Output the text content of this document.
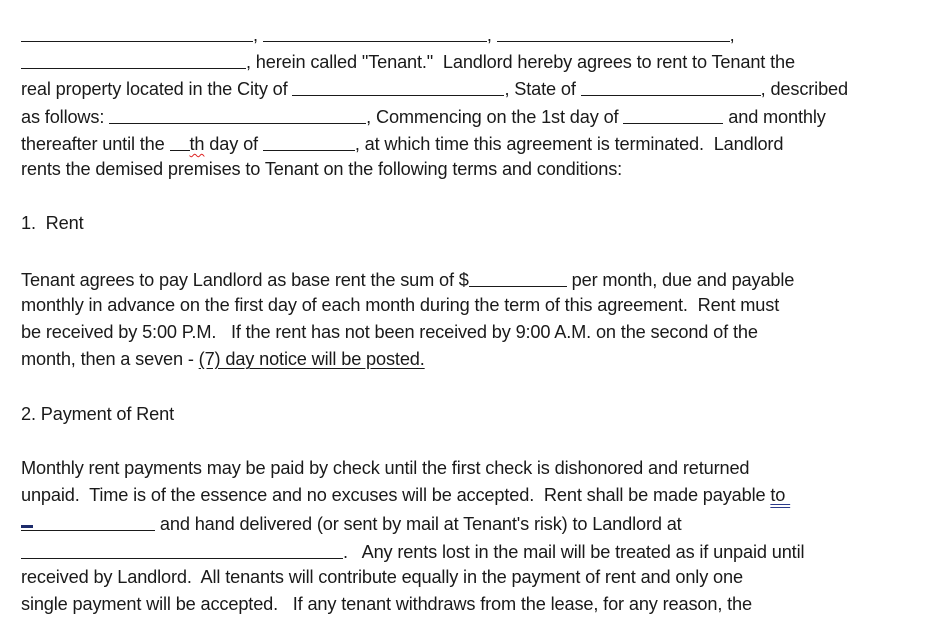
,	,	,
, herein called "Tenant."  Landlord hereby agrees to rent to Tenant the
real property located in the City of	, State of	, described
as follows:	, Commencing on the 1st day of	and monthly
thereafter until the th day of	, at which time this agreement is terminated.  Landlord
rents the demised premises to Tenant on the following terms and conditions:
1.  Rent
Tenant agrees to pay Landlord as base rent the sum of $	per month, due and payable
monthly in advance on the first day of each month during the term of this agreement.  Rent must
be received by 5:00 P.M.   If the rent has not been received by 9:00 A.M. on the second of the
month, then a seven - (7) day notice will be posted.
2. Payment of Rent
Monthly rent payments may be paid by check until the first check is dishonored and returned
unpaid.  Time is of the essence and no excuses will be accepted.  Rent shall be made payable to
and hand delivered (or sent by mail at Tenant's risk) to Landlord at
.   Any rents lost in the mail will be treated as if unpaid until
received by Landlord.  All tenants will contribute equally in the payment of rent and only one
single payment will be accepted.   If any tenant withdraws from the lease, for any reason, the
